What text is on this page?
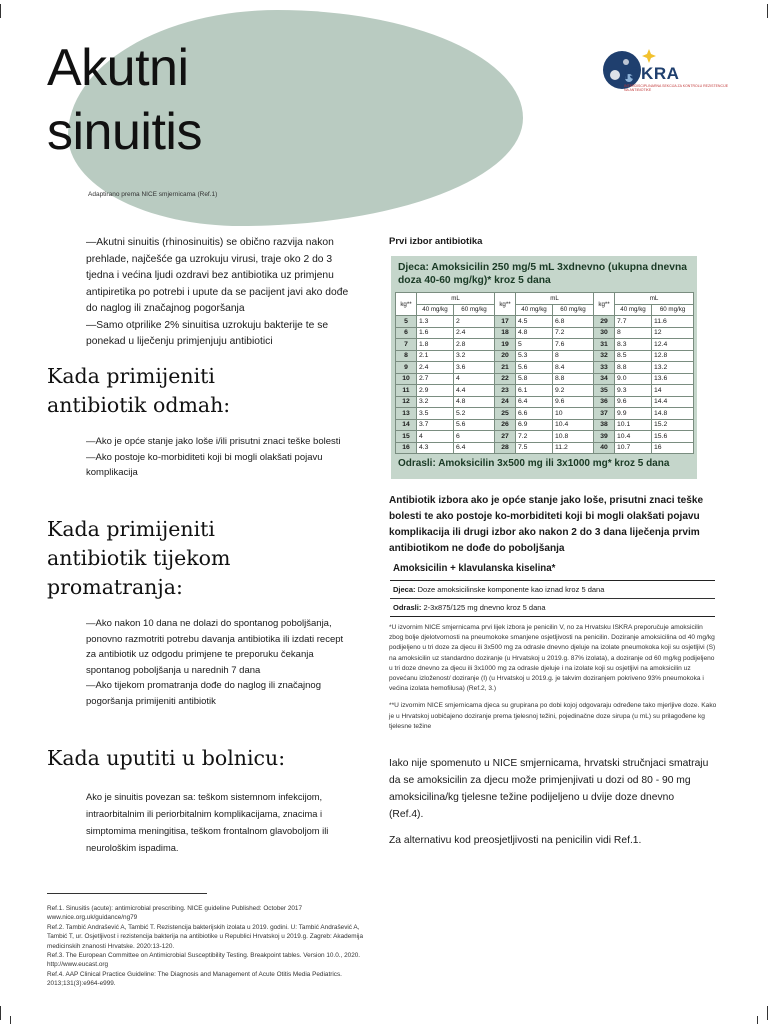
Akutni
sinuitis
Adaptirano prema NICE smjernicama (Ref.1)
ISKRA
INTERDISCIPLINARNA SEKCIJA ZA KONTROLU REZISTENCIJE NA ANTIBIOTIKE

—Akutni sinuitis (rhinosinuitis) se obično razvija nakon prehlade, najčešće ga uzrokuju virusi, traje oko 2 do 3 tjedna i većina ljudi ozdravi bez antibiotika uz primjenu antipiretika po potrebi i upute da se pacijent javi ako dođe do naglog ili značajnog pogoršanja

—Samo otprilike 2% sinuitisa uzrokuju bakterije te se ponekad u liječenju primjenjuju antibiotici

Kada primijeniti antibiotik odmah:

—Ako je opće stanje jako loše i/ili prisutni znaci teške bolesti

—Ako postoje ko-morbiditeti koji bi mogli olakšati pojavu komplikacija

Kada primijeniti antibiotik tijekom promatranja:

—Ako nakon 10 dana ne dolazi do spontanog poboljšanja, ponovno razmotriti potrebu davanja antibiotika ili izdati recept za antibiotik uz odgodu primjene te preporuku čekanja spontanog poboljšanja u narednih 7 dana

—Ako tijekom promatranja dođe do naglog ili značajnog pogoršanja primijeniti antibiotik

Kada uputiti u bolnicu:
Ako je sinuitis povezan sa: teškom sistemnom infekcijom, intraorbitalnim ili periorbitalnim komplikacijama, znacima i simptomima meningitisa, teškom frontalnom glavoboljom ili neurološkim ispadima.

Ref.1. Sinusitis (acute): antimicrobial prescribing. NICE guideline Published: October 2017 www.nice.org.uk/guidance/ng79

Ref.2. Tambić Andrašević A, Tambić T. Rezistencija bakterijskih izolata u 2019. godini. U: Tambić Andrašević A, Tambić T, ur. Osjetljivost i rezistencija bakterija na antibiotike u Republici Hrvatskoj u 2019.g. Zagreb: Akademija medicinskih znanosti Hrvatske. 2020:13-120.

Ref.3. The European Committee on Antimicrobial Susceptibility Testing. Breakpoint tables. Version 10.0., 2020. http://www.eucast.org

Ref.4. AAP Clinical Practice Guideline: The Diagnosis and Management of Acute Otitis Media Pediatrics. 2013;131(3):e964-e999.

Prvi izbor antibiotika
Djeca: Amoksicilin 250 mg/5 mL 3xdnevno (ukupna dnevna doza 40-60 mg/kg)* kroz 5 dana
kg**	mL		kg**	mL		kg**	mL	
	40 mg/kg	60 mg/kg		40 mg/kg	60 mg/kg		40 mg/kg	60 mg/kg
5	1.3	2	17	4.5	6.8	29	7.7	11.6
6	1.6	2.4	18	4.8	7.2	30	8	12
7	1.8	2.8	19	5	7.6	31	8.3	12.4
8	2.1	3.2	20	5.3	8	32	8.5	12.8
9	2.4	3.6	21	5.6	8.4	33	8.8	13.2
10	2.7	4	22	5.8	8.8	34	9.0	13.6
11	2.9	4.4	23	6.1	9.2	35	9.3	14
12	3.2	4.8	24	6.4	9.6	36	9.6	14.4
13	3.5	5.2	25	6.6	10	37	9.9	14.8
14	3.7	5.6	26	6.9	10.4	38	10.1	15.2
15	4	6	27	7.2	10.8	39	10.4	15.6
16	4.3	6.4	28	7.5	11.2	40	10.7	16
Odrasli: Amoksicilin 3x500 mg ili 3x1000 mg* kroz 5 dana
Antibiotik izbora ako je opće stanje jako loše, prisutni znaci teške bolesti te ako postoje ko-morbiditeti koji bi mogli olakšati pojavu komplikacija ili drugi izbor ako nakon 2 do 3 dana liječenja prvim antibiotikom ne dođe do poboljšanja
Amoksicilin + klavulanska kiselina*
Djeca: Doze amoksicilinske komponente kao iznad kroz 5 dana
Odrasli: 2-3x875/125 mg dnevno kroz 5 dana

*U izvornim NICE smjernicama prvi lijek izbora je penicilin V, no za Hrvatsku ISKRA preporučuje amoksicilin zbog bolje djelotvornosti na pneumokoke smanjene osjetljivosti na penicilin. Doziranje amoksicilina od 40 mg/kg podijeljeno u tri doze za djecu ili 3x500 mg za odrasle dnevno djeluje na izolate pneumokoka koji su osjetljivi (S) na amoksicilin uz standardno doziranje (u Hrvatskoj u 2019.g. 87% izolata), a doziranje od 60 mg/kg podijeljeno u tri doze dnevno za djecu ili 3x1000 mg za odrasle djeluje i na izolate koji su osjetljivi na amoksicilin uz povećanu izloženost/ doziranje (I) (u Hrvatskoj u 2019.g. je takvim doziranjem pokriveno 93% pneumokoka i većina izolata hemofilusa) (Ref.2, 3.)

**U izvornim NICE smjernicama djeca su grupirana po dobi kojoj odgovaraju određene tako mjerljive doze. Kako je u Hrvatskoj uobičajeno doziranje prema tjelesnoj težini, pojedinačne doze sirupa (u mL) su prilagođene kg tjelesne težine

Iako nije spomenuto u NICE smjernicama, hrvatski stručnjaci smatraju da se amoksicilin za djecu može primjenjivati u dozi od 80 - 90 mg amoksicilina/kg tjelesne težine podijeljeno u dvije doze dnevno (Ref.4).

Za alternativu kod preosjetljivosti na penicilin vidi Ref.1.
